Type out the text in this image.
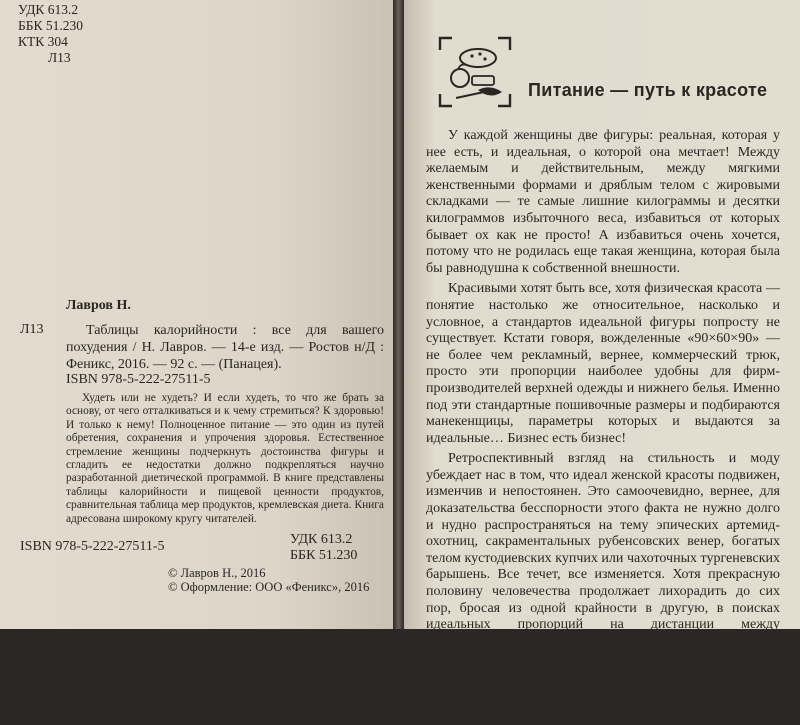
УДК 613.2
ББК 51.230
КТК 304
Л13
Лавров Н.
Л13	Таблицы калорийности : все для вашего похудения / Н. Лавров. — 14-е изд. — Ростов н/Д : Феникс, 2016. — 92 с. — (Панацея).
ISBN 978-5-222-27511-5
Худеть или не худеть? И если худеть, то что же брать за основу, от чего отталкиваться и к чему стремиться? К здоровью! И только к нему! Полноценное питание — это один из путей обретения, сохранения и упрочения здоровья. Естественное стремление женщины подчеркнуть достоинства фигуры и сгладить ее недостатки должно подкрепляться научно разработанной диетической программой. В книге представлены таблицы калорийности и пищевой ценности продуктов, сравнительная таблица мер продуктов, кремлевская диета. Книга адресована широкому кругу читателей.
ISBN 978-5-222-27511-5	УДК 613.2
ББК 51.230
© Лавров Н., 2016
© Оформление: ООО «Феникс», 2016
Питание — путь к красоте

У каждой женщины две фигуры: реальная, которая у нее есть, и идеальная, о которой она мечтает! Между желаемым и действительным, между мягкими женственными формами и дряблым телом с жировыми складками — те самые лишние килограммы и десятки килограммов избыточного веса, избавиться от которых бывает ох как не просто! А избавиться очень хочется, потому что не родилась еще такая женщина, которая была бы равнодушна к собственной внешности.

Красивыми хотят быть все, хотя физическая красота — понятие настолько же относительное, насколько и условное, а стандартов идеальной фигуры попросту не существует. Кстати говоря, вожделенные «90×60×90» — не более чем рекламный, вернее, коммерческий трюк, просто эти пропорции наиболее удобны для фирм-производителей верхней одежды и нижнего белья. Именно под эти стандартные пошивочные размеры и подбираются манекенщицы, параметры которых и выдаются за идеальные… Бизнес есть бизнес!

Ретроспективный взгляд на стильность и моду убеждает нас в том, что идеал женской красоты подвижен, изменчив и непостоянен. Это самоочевидно, вернее, для доказательства бесспорности этого факта не нужно долго и нудно распространяться на тему эпических артемид-охотниц, сакраментальных рубенсовских венер, богатых телом кустодиевских купчих или чахоточных тургеневских барышень. Все течет, все изменяется. Хотя прекрасную половину человечества продолжает лихорадить до сих пор, бросая из одной крайности в другую, в поисках идеальных пропорций на дистанции между субтильностью и пышностью форм разбилось не одно женское сердечко!

Между тем даже в наше цивилизованное время о богатстве некоторых африканских царьков судят по… степени
